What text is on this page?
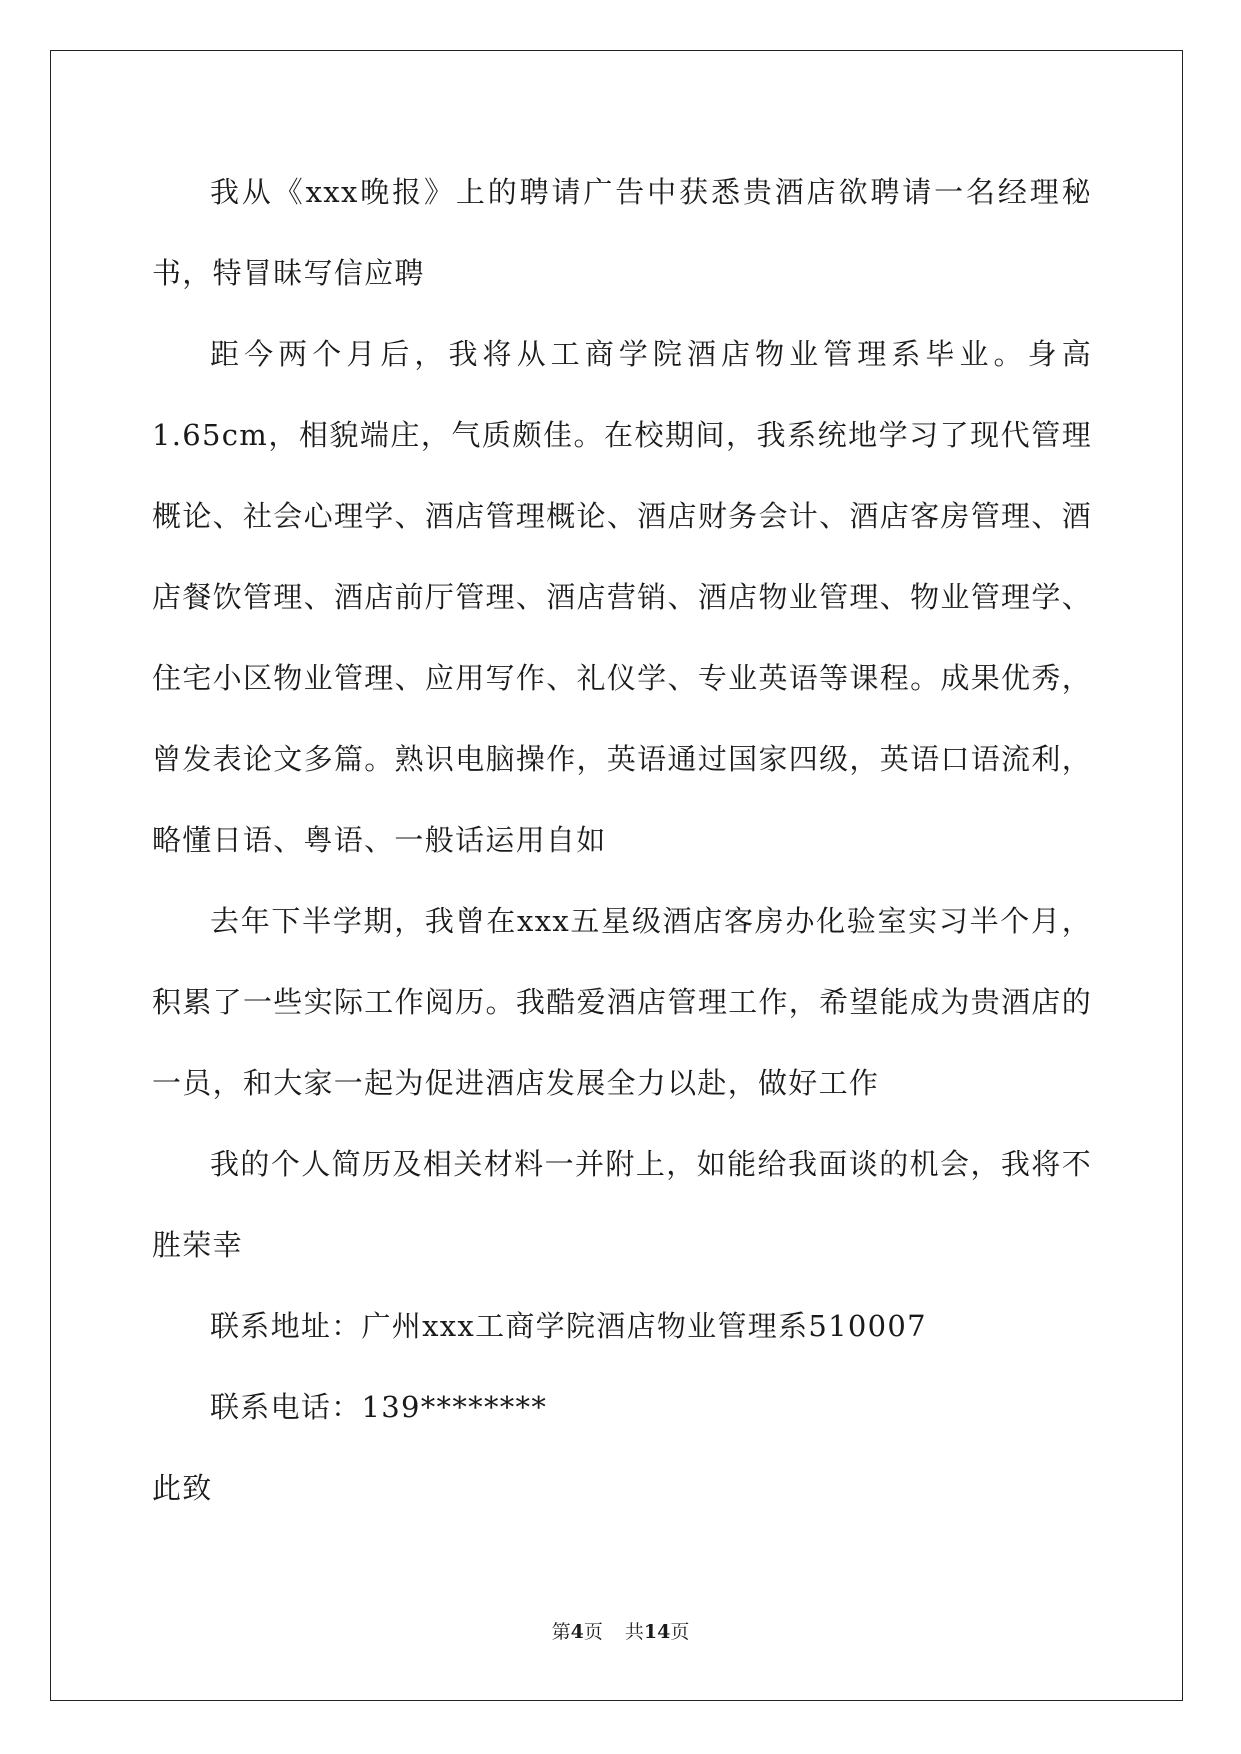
我从《xxx晚报》上的聘请广告中获悉贵酒店欲聘请一名经理秘书，特冒昧写信应聘

距今两个月后，我将从工商学院酒店物业管理系毕业。身高1.65cm，相貌端庄，气质颇佳。在校期间，我系统地学习了现代管理概论、社会心理学、酒店管理概论、酒店财务会计、酒店客房管理、酒店餐饮管理、酒店前厅管理、酒店营销、酒店物业管理、物业管理学、住宅小区物业管理、应用写作、礼仪学、专业英语等课程。成果优秀，曾发表论文多篇。熟识电脑操作，英语通过国家四级，英语口语流利，略懂日语、粤语、一般话运用自如

去年下半学期，我曾在xxx五星级酒店客房办化验室实习半个月，积累了一些实际工作阅历。我酷爱酒店管理工作，希望能成为贵酒店的一员，和大家一起为促进酒店发展全力以赴，做好工作

我的个人简历及相关材料一并附上，如能给我面谈的机会，我将不胜荣幸

联系地址：广州xxx工商学院酒店物业管理系510007

联系电话：139********

此致

第4页 共14页
